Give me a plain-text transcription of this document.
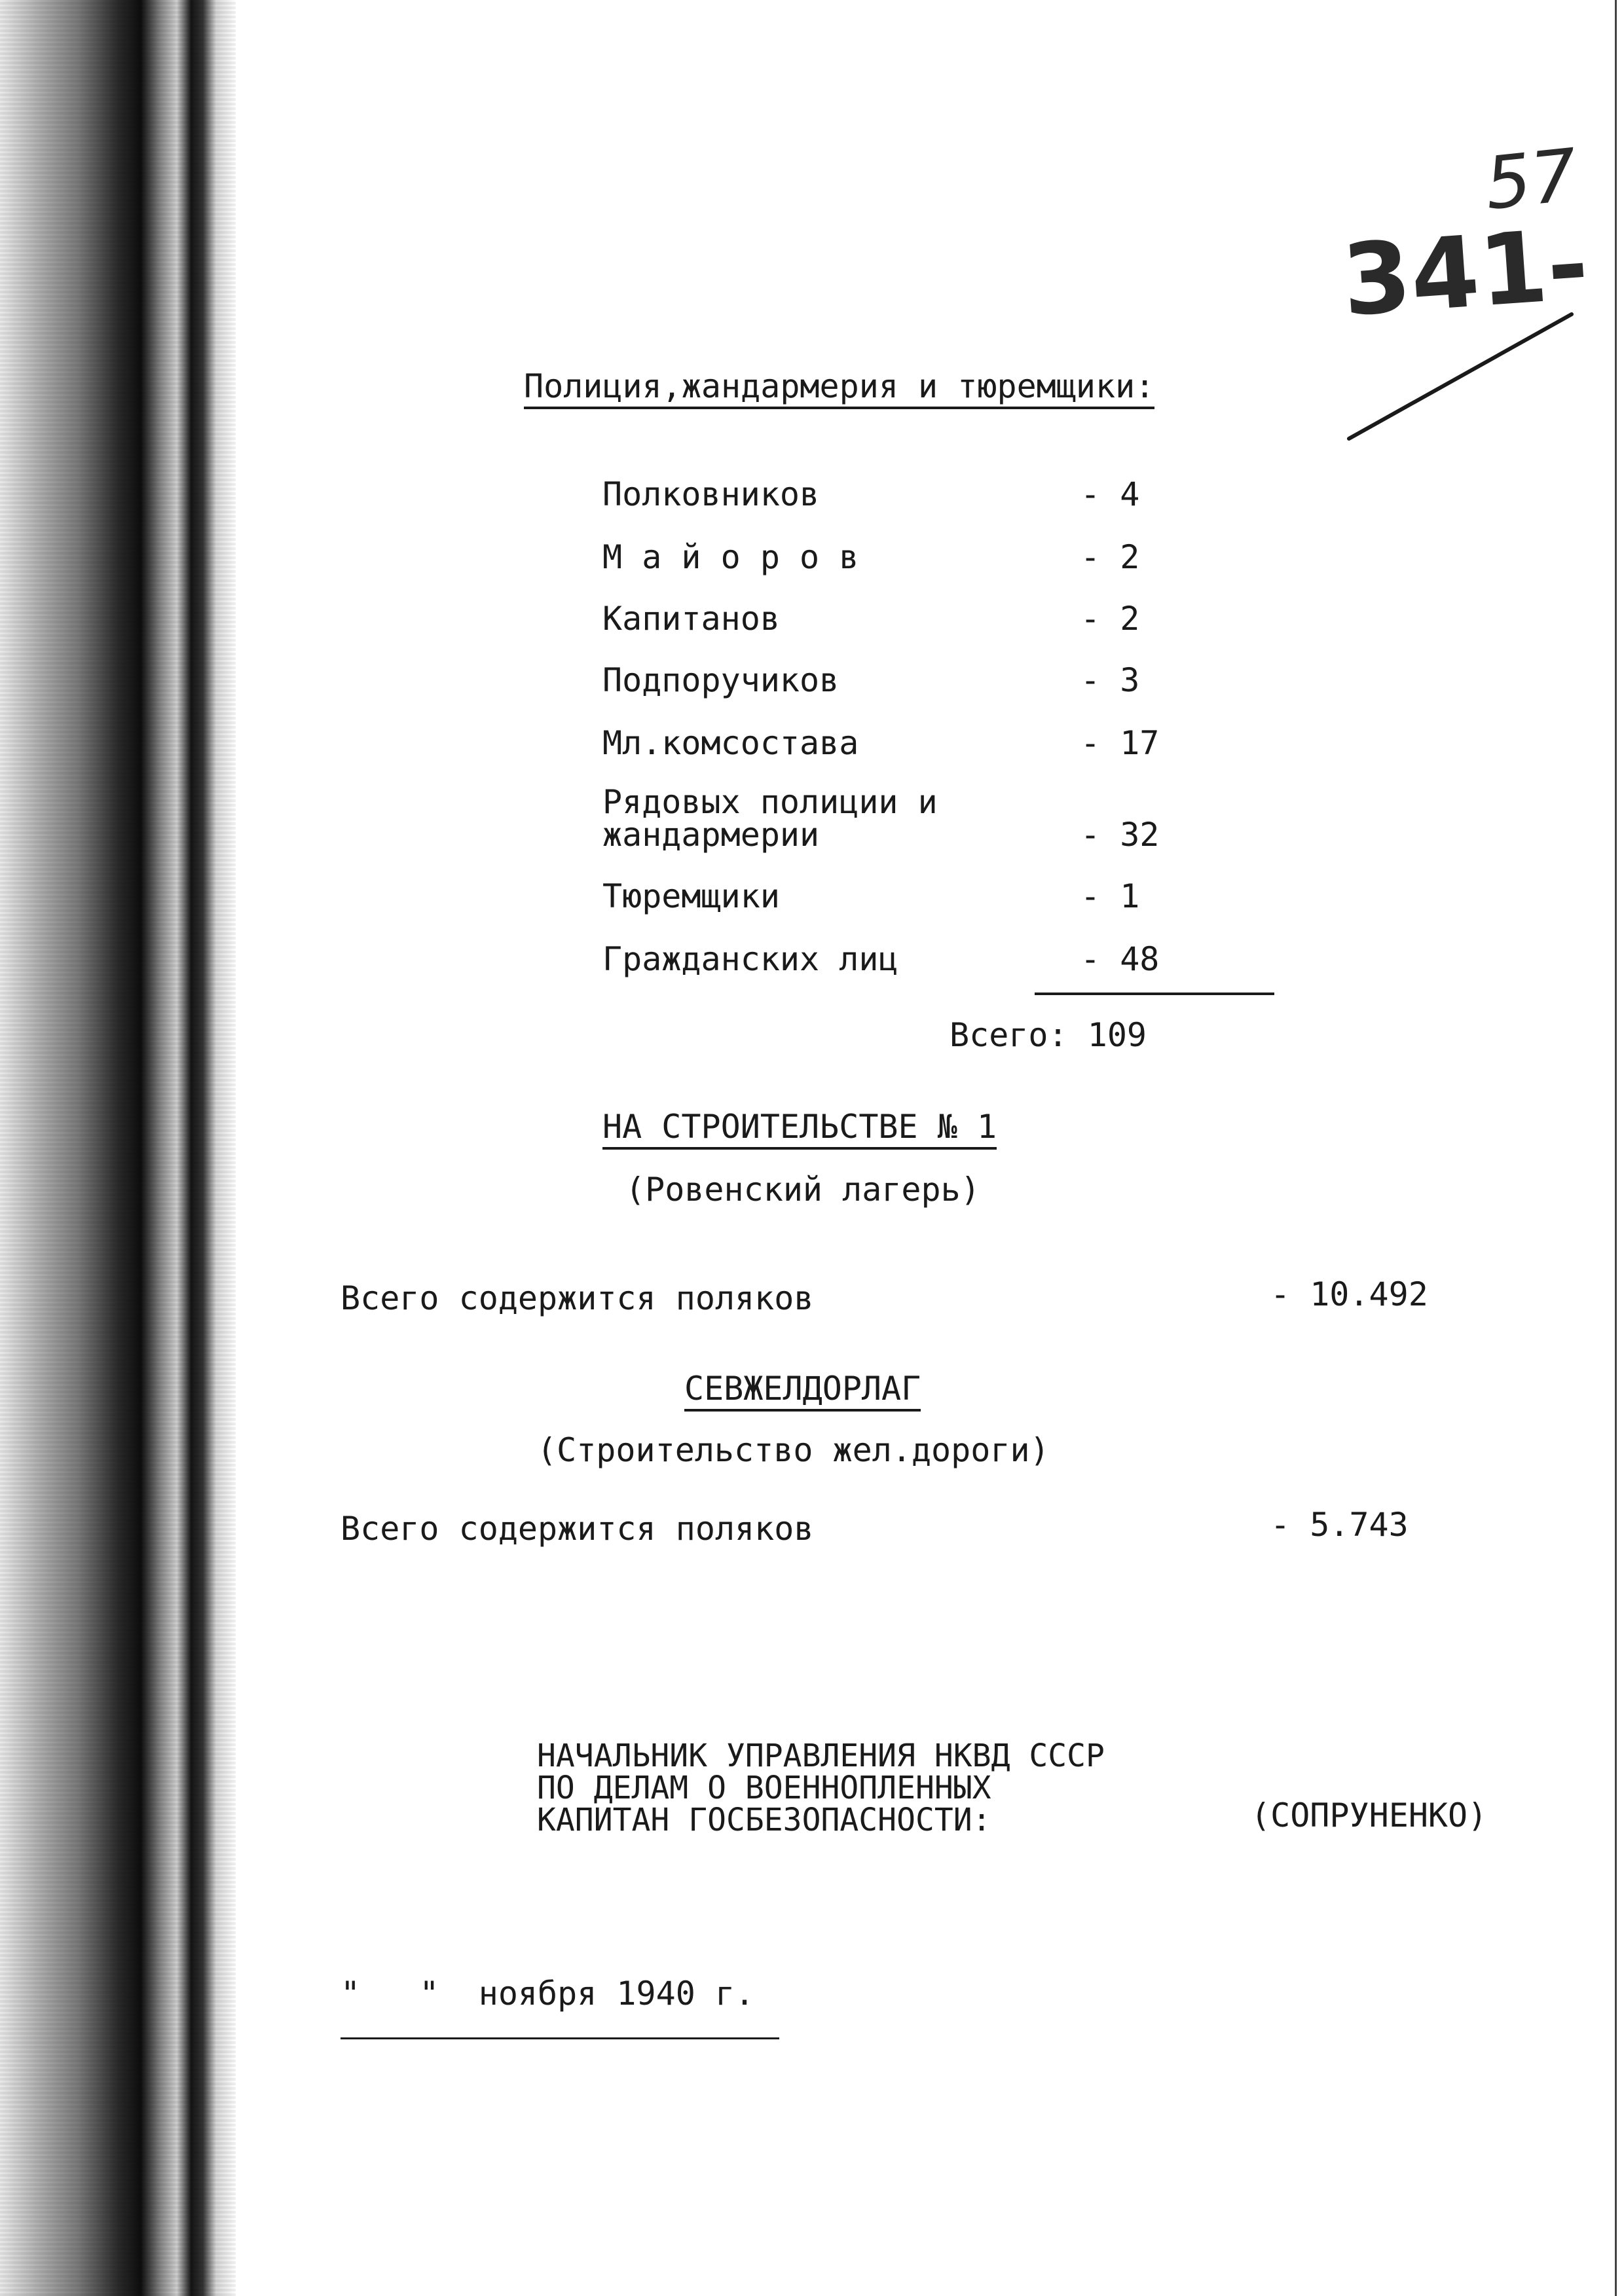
57
341-
Полиция,жандармерия и тюремщики:
Полковников	- 4
М а й о р о в	- 2
Капитанов	- 2
Подпоручиков	- 3
Мл.комсостава	- 17
Рядовых полиции и
жандармерии	- 32
Тюремщики	- 1
Гражданских лиц	- 48
Всего: 109
НА СТРОИТЕЛЬСТВЕ № 1
(Ровенский лагерь)
Всего содержится поляков	- 10.492
СЕВЖЕЛДОРЛАГ
(Строительство жел.дороги)
Всего содержится поляков	- 5.743
НАЧАЛЬНИК УПРАВЛЕНИЯ НКВД СССР
ПО ДЕЛАМ О ВОЕННОПЛЕННЫХ
КАПИТАН ГОСБЕЗОПАСНОСТИ:	(СОПРУНЕНКО)
"   "  ноября 1940 г.
